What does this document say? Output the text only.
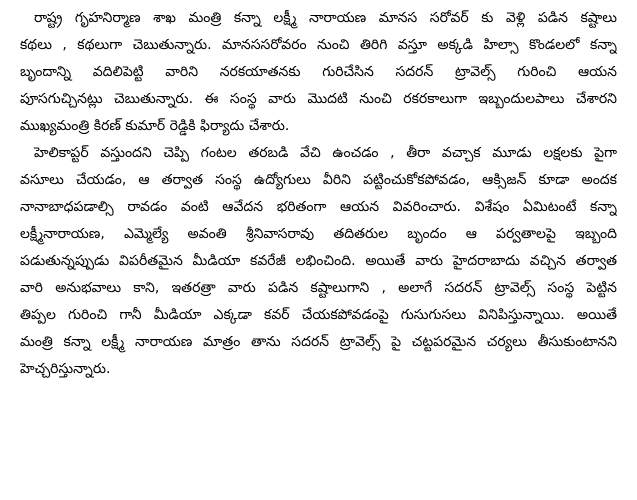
రాష్ట్ర గృహనిర్మాణ శాఖ మంత్రి కన్నా లక్ష్మీ నారాయణ మానస సరోవర్ కు వెళ్లి పడిన కష్టాలు
కథలు , కథలుగా చెబుతున్నారు. మానససరోవరం నుంచి తిరిగి వస్తూ అక్కడి హిల్సా కొండలలో కన్నా
బృందాన్ని వదిలిపెట్టి వారిని నరకయాతనకు గురిచేసిన సదరన్ ట్రావెల్స్ గురించి ఆయన
పూసగుచ్చినట్లు చెబుతున్నారు. ఈ సంస్థ వారు మొదటి నుంచి రకరకాలుగా ఇబ్బందులపాలు చేశారని
ముఖ్యమంత్రి కిరణ్ కుమార్ రెడ్డికి ఫిర్యాదు చేశారు.

హెలికాప్టర్ వస్తుందని చెప్పి గంటల తరబడి వేచి ఉంచడం , తీరా వచ్చాక మూడు లక్షలకు పైగా
వసూలు చేయడం, ఆ తర్వాత సంస్థ ఉద్యోగులు వీరిని పట్టించుకోకపోవడం, ఆక్సిజన్ కూడా అందక
నానాబాధపడాల్సి రావడం వంటి ఆవేదన భరితంగా ఆయన వివరించారు. విశేషం ఏమిటంటే కన్నా
లక్ష్మీనారాయణ, ఎమ్మెల్యే అవంతి శ్రీనివాసరావు తదితరుల బృందం ఆ పర్వతాలపై ఇబ్బంది
పడుతున్నప్పుడు విపరీతమైన మీడియా కవరేజీ లభించింది. అయితే వారు హైదరాబాదు వచ్చిన తర్వాత
వారి అనుభవాలు కాని, ఇతరత్రా వారు పడిన కష్టాలుగాని , అలాగే సదరన్ ట్రావెల్స్ సంస్థ పెట్టిన
తిప్పల గురించి గానీ మీడియా ఎక్కడా కవర్ చేయకపోవడంపై గుసుగుసలు వినిపిస్తున్నాయి. అయితే
మంత్రి కన్నా లక్ష్మీ నారాయణ మాత్రం తాను సదరన్ ట్రావెల్స్ పై చట్టపరమైన చర్యలు తీసుకుంటానని
హెచ్చరిస్తున్నారు.
